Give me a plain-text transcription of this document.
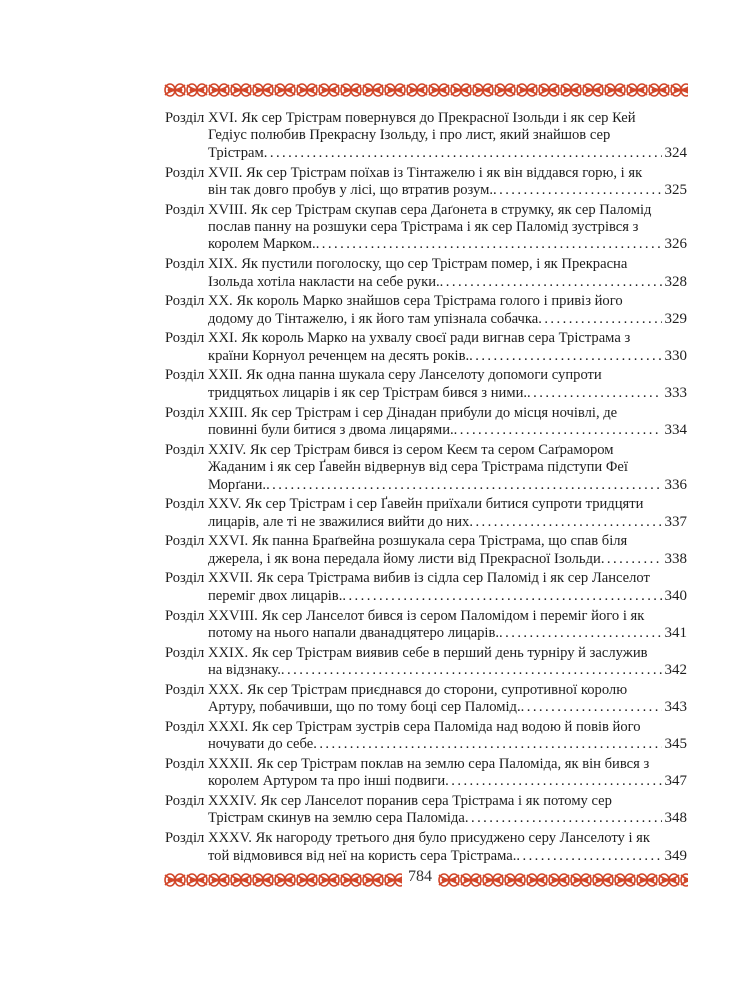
Розділ XVI. Як сер Трістрам повернувся до Прекрасної Ізольди і як сер Кей Гедіус полюбив Прекрасну Ізольду, і про лист, який знайшов сер Трістрам . . .	324
Розділ XVII. Як сер Трістрам поїхав із Тінтажелю і як він віддався горю, і як він так довго пробув у лісі, що втратив розум. . . .	325
Розділ XVIII. Як сер Трістрам скупав сера Даґонета в струмку, як сер Паломід послав панну на розшуки сера Трістрама і як сер Паломід зустрівся з королем Марком. . . .	326
Розділ XIX. Як пустили поголоску, що сер Трістрам помер, і як Прекрасна Ізольда хотіла накласти на себе руки. . . .	328
Розділ XX. Як король Марко знайшов сера Трістрама голого і привіз його додому до Тінтажелю, і як його там упізнала собачка . . .	329
Розділ XXI. Як король Марко на ухвалу своєї ради вигнав сера Трістрама з країни Корнуол реченцем на десять років. . . .	330
Розділ XXII. Як одна панна шукала серу Ланселоту допомоги супроти тридцятьох лицарів і як сер Трістрам бився з ними. . . .	333
Розділ XXIII. Як сер Трістрам і сер Дінадан прибули до місця ночівлі, де повинні були битися з двома лицарями. . . .	334
Розділ XXIV. Як сер Трістрам бився із сером Кеєм та сером Саґрамором Жаданим і як сер Ґавейн відвернув від сера Трістрама підступи Феї Морґани. . . .	336
Розділ XXV. Як сер Трістрам і сер Ґавейн приїхали битися супроти тридцяти лицарів, але ті не зважилися вийти до них . . .	337
Розділ XXVI. Як панна Браґвейна розшукала сера Трістрама, що спав біля джерела, і як вона передала йому листи від Прекрасної Ізольди . . .	338
Розділ XXVII. Як сера Трістрама вибив із сідла сер Паломід і як сер Ланселот переміг двох лицарів. . . .	340
Розділ XXVIII. Як сер Ланселот бився із сером Паломідом і переміг його і як потому на нього напали дванадцятеро лицарів. . . .	341
Розділ XXIX. Як сер Трістрам виявив себе в перший день турніру й заслужив на відзнаку. . . .	342
Розділ XXX. Як сер Трістрам приєднався до сторони, супротивної королю Артуру, побачивши, що по тому боці сер Паломід. . . .	343
Розділ XXXI. Як сер Трістрам зустрів сера Паломіда над водою й повів його ночувати до себе . . .	345
Розділ XXXII. Як сер Трістрам поклав на землю сера Паломіда, як він бився з королем Артуром та про інші подвиги . . .	347
Розділ XXXIV. Як сер Ланселот поранив сера Трістрама і як потому сер Трістрам скинув на землю сера Паломіда . . .	348
Розділ XXXV. Як нагороду третього дня було присуджено серу Ланселоту і як той відмовився від неї на користь сера Трістрама. . . .	349
784
